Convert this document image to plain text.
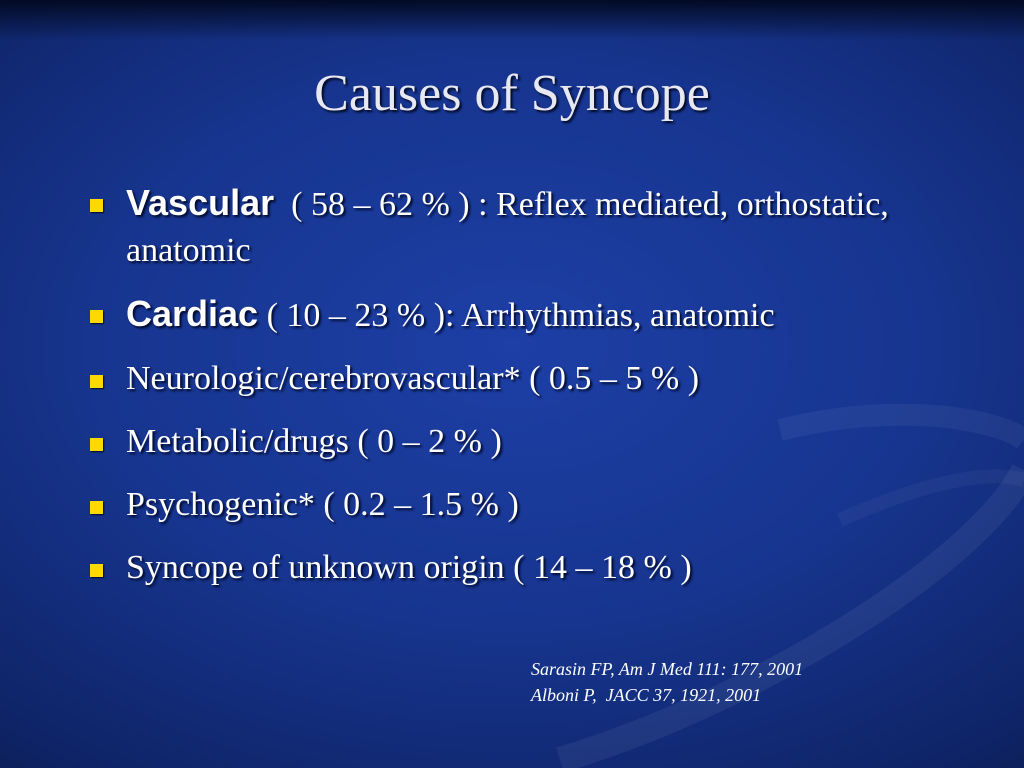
Causes of Syncope
Vascular  ( 58 – 62 % ) : Reflex mediated, orthostatic, anatomic
Cardiac ( 10 – 23 % ): Arrhythmias, anatomic
Neurologic/cerebrovascular* ( 0.5 – 5 % )
Metabolic/drugs ( 0 – 2 % )
Psychogenic* ( 0.2 – 1.5 % )
Syncope of unknown origin ( 14 – 18 % )
Sarasin FP, Am J Med 111: 177, 2001
Alboni P,  JACC 37, 1921, 2001
